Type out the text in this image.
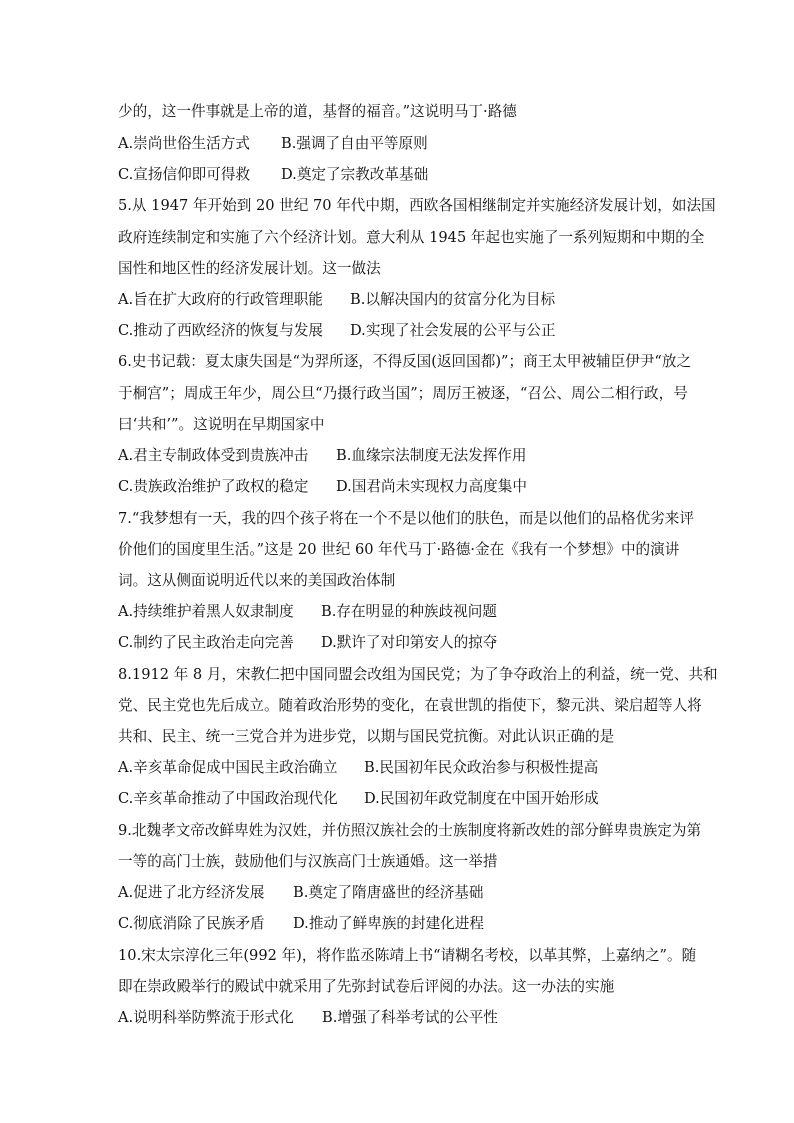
少的，这一件事就是上帝的道，基督的福音。”这说明马丁·路德
A.崇尚世俗生活方式 B.强调了自由平等原则
C.宣扬信仰即可得救 D.奠定了宗教改革基础
5.从 1947 年开始到 20 世纪 70 年代中期，西欧各国相继制定并实施经济发展计划，如法国
政府连续制定和实施了六个经济计划。意大利从 1945 年起也实施了一系列短期和中期的全
国性和地区性的经济发展计划。这一做法
A.旨在扩大政府的行政管理职能 B.以解决国内的贫富分化为目标
C.推动了西欧经济的恢复与发展 D.实现了社会发展的公平与公正
6.史书记载：夏太康失国是“为羿所逐，不得反国(返回国都)”；商王太甲被辅臣伊尹“放之
于桐宫”；周成王年少，周公旦“乃摄行政当国”；周厉王被逐，“召公、周公二相行政，号
曰‘共和’”。这说明在早期国家中
A.君主专制政体受到贵族冲击 B.血缘宗法制度无法发挥作用
C.贵族政治维护了政权的稳定 D.国君尚未实现权力高度集中
7.“我梦想有一天，我的四个孩子将在一个不是以他们的肤色，而是以他们的品格优劣来评
价他们的国度里生活。”这是 20 世纪 60 年代马丁·路德·金在《我有一个梦想》中的演讲
词。这从侧面说明近代以来的美国政治体制
A.持续维护着黑人奴隶制度 B.存在明显的种族歧视问题
C.制约了民主政治走向完善 D.默许了对印第安人的掠夺
8.1912 年 8 月，宋教仁把中国同盟会改组为国民党；为了争夺政治上的利益，统一党、共和
党、民主党也先后成立。随着政治形势的变化，在袁世凯的指使下，黎元洪、梁启超等人将
共和、民主、统一三党合并为进步党，以期与国民党抗衡。对此认识正确的是
A.辛亥革命促成中国民主政治确立 B.民国初年民众政治参与积极性提高
C.辛亥革命推动了中国政治现代化 D.民国初年政党制度在中国开始形成
9.北魏孝文帝改鲜卑姓为汉姓，并仿照汉族社会的士族制度将新改姓的部分鲜卑贵族定为第
一等的高门士族，鼓励他们与汉族高门士族通婚。这一举措
A.促进了北方经济发展 B.奠定了隋唐盛世的经济基础
C.彻底消除了民族矛盾 D.推动了鲜卑族的封建化进程
10.宋太宗淳化三年(992 年)，将作监丞陈靖上书“请糊名考校，以革其弊，上嘉纳之”。随
即在崇政殿举行的殿试中就采用了先弥封试卷后评阅的办法。这一办法的实施
A.说明科举防弊流于形式化 B.增强了科举考试的公平性
